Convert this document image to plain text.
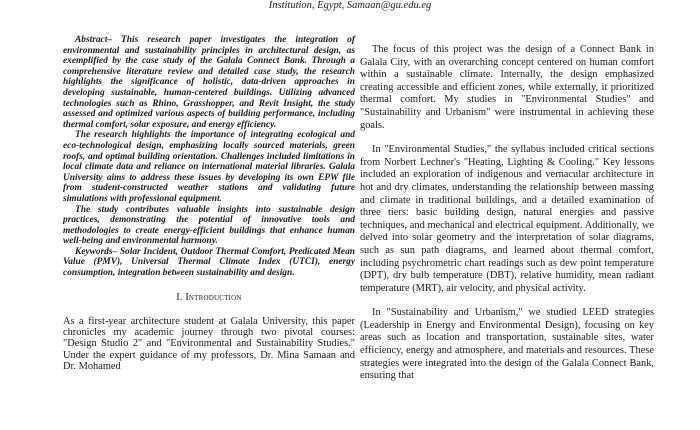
Institution, Egypt, Samaan@gu.edu.eg

Abstract– This research paper investigates the integration of environmental and sustainability principles in architectural design, as exemplified by the case study of the Galala Connect Bank. Through a comprehensive literature review and detailed case study, the research highlights the significance of holistic, data-driven approaches in developing sustainable, human-centered buildings. Utilizing advanced technologies such as Rhino, Grasshopper, and Revit Insight, the study assessed and optimized various aspects of building performance, including thermal comfort, solar exposure, and energy efficiency.

The research highlights the importance of integrating ecological and eco-technological design, emphasizing locally sourced materials, green roofs, and optimal building orientation. Challenges included limitations in local climate data and reliance on international material libraries. Galala University aims to address these issues by developing its own EPW file from student-constructed weather stations and validating future simulations with professional equipment.

The study contributes valuable insights into sustainable design practices, demonstrating the potential of innovative tools and methodologies to create energy-efficient buildings that enhance human well-being and environmental harmony.

Keywords– Solar Incident, Outdoor Thermal Comfort, Predicated Mean Value (PMV), Universal Thermal Climate Index (UTCI), energy consumption, integration between sustainability and design.

I. Introduction

As a first-year architecture student at Galala University, this paper chronicles my academic journey through two pivotal courses: "Design Studio 2" and "Environmental and Sustainability Studies." Under the expert guidance of my professors, Dr. Mina Samaan and Dr. Mohamed

The focus of this project was the design of a Connect Bank in Galala City, with an overarching concept centered on human comfort within a sustainable climate. Internally, the design emphasized creating accessible and efficient zones, while externally, it prioritized thermal comfort. My studies in "Environmental Studies" and "Sustainability and Urbanism" were instrumental in achieving these goals.

In "Environmental Studies," the syllabus included critical sections from Norbert Lechner's "Heating, Lighting & Cooling." Key lessons included an exploration of indigenous and vernacular architecture in hot and dry climates, understanding the relationship between massing and climate in traditional buildings, and a detailed examination of three tiers: basic building design, natural energies and passive techniques, and mechanical and electrical equipment. Additionally, we delved into solar geometry and the interpretation of solar diagrams, such as sun path diagrams, and learned about thermal comfort, including psychrometric chart readings such as dew point temperature (DPT), dry bulb temperature (DBT), relative humidity, mean radiant temperature (MRT), air velocity, and physical activity.

In "Sustainability and Urbanism," we studied LEED strategies (Leadership in Energy and Environmental Design), focusing on key areas such as location and transportation, sustainable sites, water efficiency, energy and atmosphere, and materials and resources. These strategies were integrated into the design of the Galala Connect Bank, ensuring that
